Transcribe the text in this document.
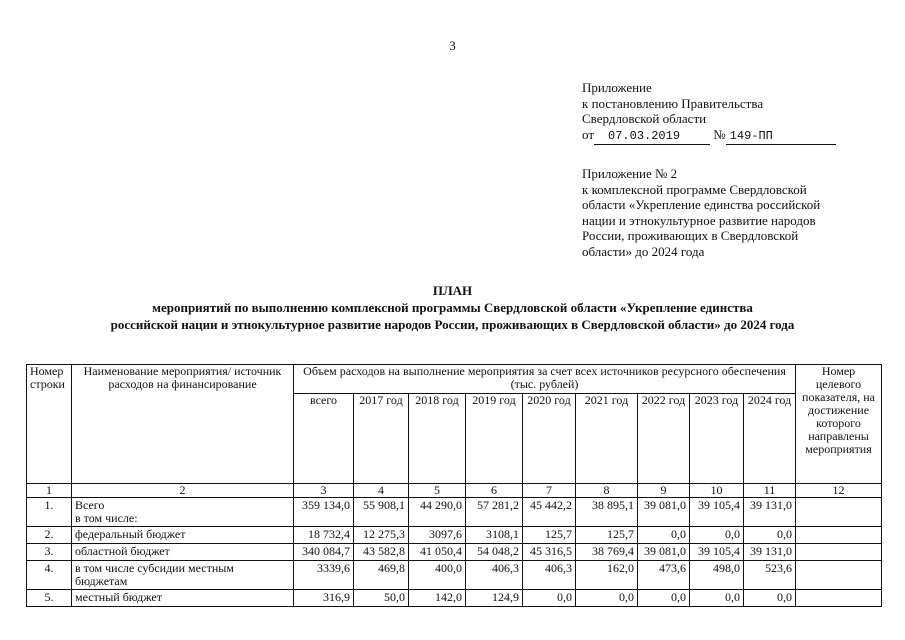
3
Приложение
к постановлению Правительства
Свердловской области
от 07.03.2019	№ 149-ПП
Приложение № 2
к комплексной программе Свердловской
области «Укрепление единства российской
нации и этнокультурное развитие народов
России, проживающих в Свердловской
области» до 2024 года
ПЛАН
мероприятий по выполнению комплексной программы Свердловской области «Укрепление единства
российской нации и этнокультурное развитие народов России, проживающих в Свердловской области» до 2024 года
Номер строки	Наименование мероприятия/ источник расходов на финансирование	Объем расходов на выполнение мероприятия за счет всех источников ресурсного обеспечения (тыс. рублей)									Номер целевого показателя, на достижение которого направлены мероприятия
		всего	2017 год	2018 год	2019 год	2020 год	2021 год	2022 год	2023 год	2024 год	
1	2	3	4	5	6	7	8	9	10	11	12
1.	Всего
в том числе:	359 134,0	55 908,1	44 290,0	57 281,2	45 442,2	38 895,1	39 081,0	39 105,4	39 131,0	
2.	федеральный бюджет	18 732,4	12 275,3	3097,6	3108,1	125,7	125,7	0,0	0,0	0,0	
3.	областной бюджет	340 084,7	43 582,8	41 050,4	54 048,2	45 316,5	38 769,4	39 081,0	39 105,4	39 131,0	
4.	в том числе субсидии местным
бюджетам	3339,6	469,8	400,0	406,3	406,3	162,0	473,6	498,0	523,6	
5.	местный бюджет	316,9	50,0	142,0	124,9	0,0	0,0	0,0	0,0	0,0	
